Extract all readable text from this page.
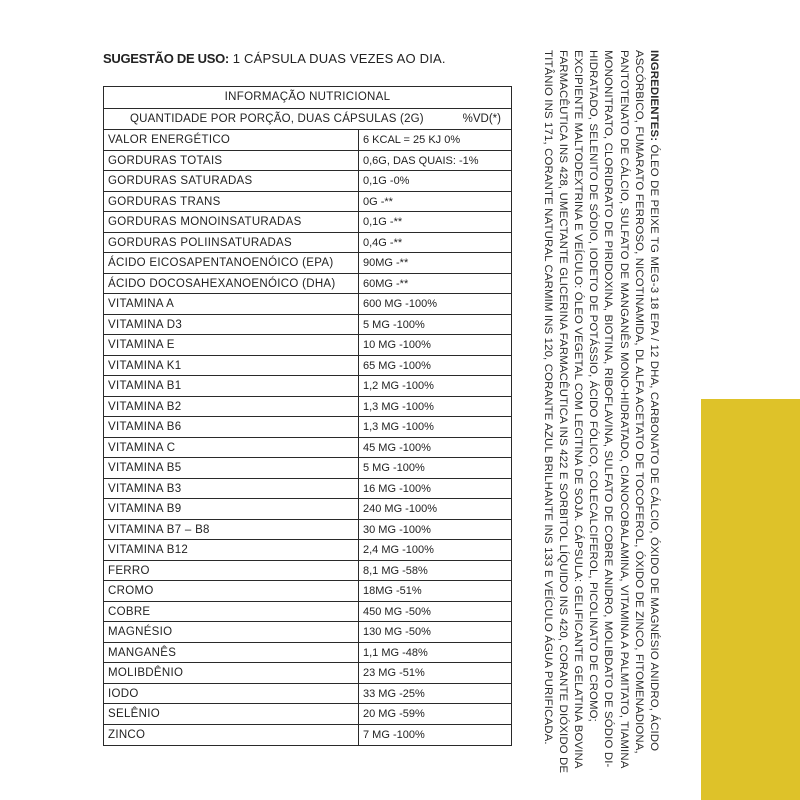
SUGESTÃO DE USO: 1 CÁPSULA DUAS VEZES AO DIA.
INFORMAÇÃO NUTRICIONAL
QUANTIDADE POR PORÇÃO, DUAS CÁPSULAS (2G)	%VD(*)
VALOR ENERGÉTICO	6 KCAL = 25 KJ 0%
GORDURAS TOTAIS	0,6G, DAS QUAIS: -1%
GORDURAS SATURADAS	0,1G -0%
GORDURAS TRANS	0G -**
GORDURAS MONOINSATURADAS	0,1G -**
GORDURAS POLIINSATURADAS	0,4G -**
ÁCIDO EICOSAPENTANOENÓICO (EPA)	90MG -**
ÁCIDO DOCOSAHEXANOENÓICO (DHA)	60MG -**
VITAMINA A	600 MG -100%
VITAMINA D3	5 MG -100%
VITAMINA E	10 MG -100%
VITAMINA K1	65 MG -100%
VITAMINA B1	1,2 MG -100%
VITAMINA B2	1,3 MG -100%
VITAMINA B6	1,3 MG -100%
VITAMINA C	45 MG -100%
VITAMINA B5	5 MG -100%
VITAMINA B3	16 MG -100%
VITAMINA B9	240 MG -100%
VITAMINA B7 – B8	30 MG -100%
VITAMINA B12	2,4 MG -100%
FERRO	8,1 MG -58%
CROMO	18MG -51%
COBRE	450 MG -50%
MAGNÉSIO	130 MG -50%
MANGANÊS	1,1 MG -48%
MOLIBDÊNIO	23 MG -51%
IODO	33 MG -25%
SELÊNIO	20 MG -59%
ZINCO	7 MG -100%
INGREDIENTES: ÓLEO DE PEIXE TG MEG-3 18 EPA / 12 DHA, CARBONATO DE CÁLCIO, ÓXIDO DE MAGNÉSIO ANIDRO, ÁCIDO ASCÓRBICO, FUMARATO FERROSO, NICOTINAMIDA, DL ALFA ACETATO DE TOCOFEROL, ÓXIDO DE ZINCO, FITOMENADIONA, PANTOTENATO DE CÁLCIO, SULFATO DE MANGANÊS MONO-HIDRATADO, CIANOCOBALAMINA, VITAMINA A PALMITATO, TIAMINA MONONITRATO, CLORIDRATO DE PIRIDOXINA, BIOTINA, RIBOFLAVINA, SULFATO DE COBRE ANIDRO, MOLIBDATO DE SÓDIO DI-HIDRATADO, SELENITO DE SÓDIO, IODETO DE POTÁSSIO, ÁCIDO FÓLICO, COLECALCIFEROL, PICOLINATO DE CROMO; EXCIPIENTE MALTODEXTRINA E VEÍCULO: ÓLEO VEGETAL COM LECITINA DE SOJA. CÁPSULA: GELIFICANTE GELATINA BOVINA FARMACÊUTICA INS 428, UMECTANTE GLICERINA FARMACÊUTICA INS 422 E SORBITOL LÍQUIDO INS 420, CORANTE DIÓXIDO DE TITÂNIO INS 171, CORANTE NATURAL CARMIM INS 120, CORANTE AZUL BRILHANTE INS 133 E VEÍCULO ÁGUA PURIFICADA.
